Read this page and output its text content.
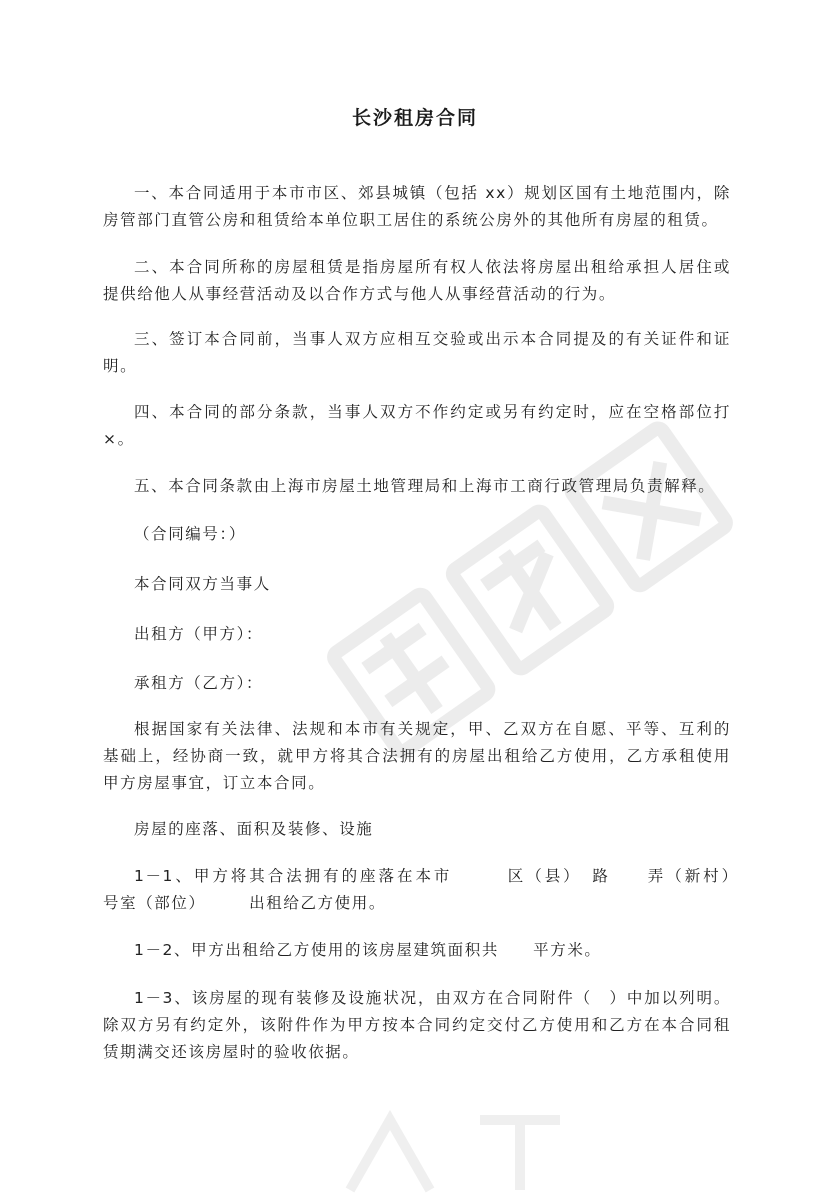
长沙租房合同
一、本合同适用于本市市区、郊县城镇（包括 xx）规划区国有土地范围内，除房管部门直管公房和租赁给本单位职工居住的系统公房外的其他所有房屋的租赁。
二、本合同所称的房屋租赁是指房屋所有权人依法将房屋出租给承担人居住或提供给他人从事经营活动及以合作方式与他人从事经营活动的行为。
三、签订本合同前，当事人双方应相互交验或出示本合同提及的有关证件和证明。
四、本合同的部分条款，当事人双方不作约定或另有约定时，应在空格部位打×。
五、本合同条款由上海市房屋土地管理局和上海市工商行政管理局负责解释。
（合同编号：）
本合同双方当事人
出租方（甲方）：
承租方（乙方）：
根据国家有关法律、法规和本市有关规定，甲、乙双方在自愿、平等、互利的基础上，经协商一致，就甲方将其合法拥有的房屋出租给乙方使用，乙方承租使用甲方房屋事宜，订立本合同。
房屋的座落、面积及装修、设施
1－1、甲方将其合法拥有的座落在本市　　　区（县）　路　　弄（新村）　　号室（部位）　　　出租给乙方使用。
1－2、甲方出租给乙方使用的该房屋建筑面积共　　平方米。
1－3、该房屋的现有装修及设施状况，由双方在合同附件（　）中加以列明。除双方另有约定外，该附件作为甲方按本合同约定交付乙方使用和乙方在本合同租赁期满交还该房屋时的验收依据。
